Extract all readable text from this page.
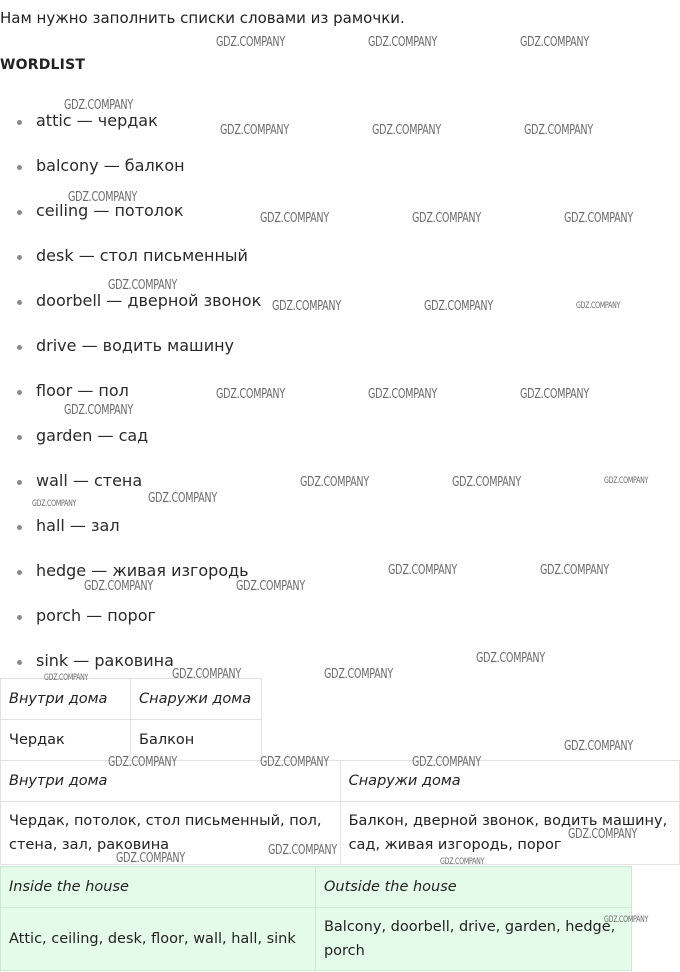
Нам нужно заполнить списки словами из рамочки.
WORDLIST
attic — чердак
balcony — балкон
ceiling — потолок
desk — стол письменный
doorbell — дверной звонок
drive — водить машину
floor — пол
garden — сад
wall — стена
hall — зал
hedge — живая изгородь
porch — порог
sink — раковина
Внутри дома	Снаружи дома
Чердак	Балкон
Внутри дома	Снаружи дома
Чердак, потолок, стол письменный, пол, стена, зал, раковина	Балкон, дверной звонок, водить машину, сад, живая изгородь, порог
Inside the house	Outside the house
Attic, ceiling, desk, floor, wall, hall, sink	Balcony, doorbell, drive, garden, hedge, porch
GDZ.COMPANY	GDZ.COMPANY	GDZ.COMPANY
GDZ.COMPANY
GDZ.COMPANY	GDZ.COMPANY	GDZ.COMPANY
GDZ.COMPANY
GDZ.COMPANY	GDZ.COMPANY	GDZ.COMPANY
GDZ.COMPANY
GDZ.COMPANY	GDZ.COMPANY	GDZ.COMPANY
GDZ.COMPANY	GDZ.COMPANY	GDZ.COMPANY
GDZ.COMPANY
GDZ.COMPANY	GDZ.COMPANY	GDZ.COMPANY
GDZ.COMPANY	GDZ.COMPANY
GDZ.COMPANY	GDZ.COMPANY
GDZ.COMPANY	GDZ.COMPANY
GDZ.COMPANY
GDZ.COMPANY	GDZ.COMPANY	GDZ.COMPANY
GDZ.COMPANY
GDZ.COMPANY	GDZ.COMPANY	GDZ.COMPANY
GDZ.COMPANY
GDZ.COMPANY
GDZ.COMPANY
GDZ.COMPANY
GDZ.COMPANY
